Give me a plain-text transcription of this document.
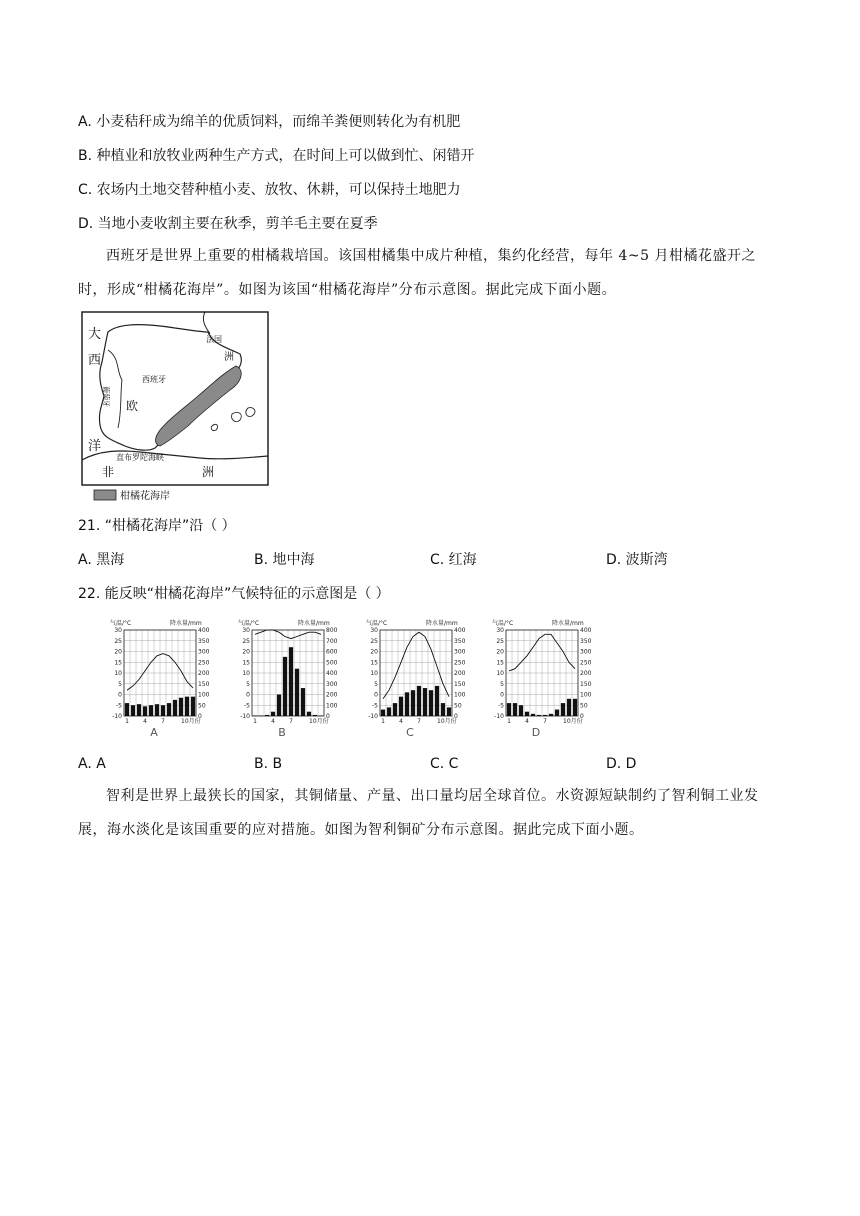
A. 小麦秸秆成为绵羊的优质饲料，而绵羊粪便则转化为有机肥
B. 种植业和放牧业两种生产方式，在时间上可以做到忙、闲错开
C. 农场内土地交替种植小麦、放牧、休耕，可以保持土地肥力
D. 当地小麦收割主要在秋季，剪羊毛主要在夏季

西班牙是世界上重要的柑橘栽培国。该国柑橘集中成片种植，集约化经营，每年 4~5 月柑橘花盛开之时，形成“柑橘花海岸”。如图为该国“柑橘花海岸”分布示意图。据此完成下面小题。

大
西
洋
葡萄牙
西班牙
欧
法国
洲
非	洲
直布罗陀海峡
柑橘花海岸
21. “柑橘花海岸”沿（ ）
A. 黑海	B. 地中海	C. 红海	D. 波斯湾
22. 能反映“柑橘花海岸”气候特征的示意图是（ ）
气温/°C	降水量/mm
30	400
25	350
20	300
15	250
10	200
5	150
0	100
-5	50
-10	0
1 4 7	10月份
A
气温/°C	降水量/mm
30	800
25	700
20	600
15	500
10	400
5	300
0	200
-5	100
-10	0
1 4 7	10月份
B
气温/°C	降水量/mm
30	400
25	350
20	300
15	250
10	200
5	150
0	100
-5	50
-10	0
1 4 7	10月份
C
气温/°C	降水量/mm
30	400
25	350
20	300
15	250
10	200
5	150
0	100
-5	50
-10	0
1 4 7	10月份
D
A. A	B. B	C. C	D. D

智利是世界上最狭长的国家，其铜储量、产量、出口量均居全球首位。水资源短缺制约了智利铜工业发展，海水淡化是该国重要的应对措施。如图为智利铜矿分布示意图。据此完成下面小题。
